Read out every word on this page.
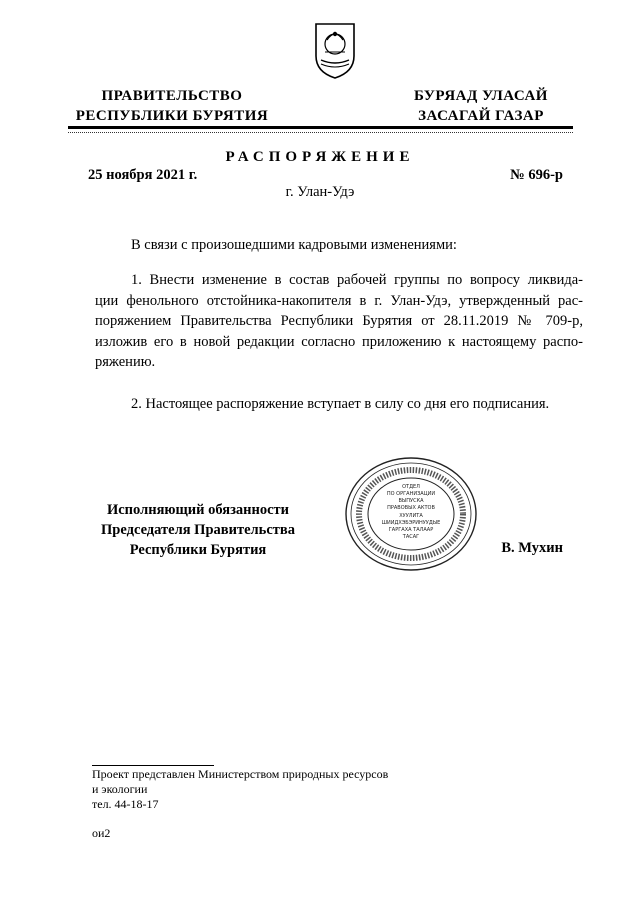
ПРАВИТЕЛЬСТВО
РЕСПУБЛИКИ БУРЯТИЯ
БУРЯАД УЛАСАЙ
ЗАСАГАЙ ГАЗАР
РАСПОРЯЖЕНИЕ
25 ноября 2021 г.	№ 696-р
г. Улан-Удэ
В связи с произошедшими кадровыми изменениями:
1. Внести изменение в состав рабочей группы по вопросу ликвида-
ции фенольного отстойника-накопителя в г. Улан-Удэ, утвержденный рас-
поряжением Правительства Республики Бурятия от 28.11.2019 № 709-р,
изложив его в новой редакции согласно приложению к настоящему распо-
ряжению.
2. Настоящее распоряжение вступает в силу со дня его подписания.
Исполняющий обязанности
Председателя Правительства
Республики Бурятия	В. Мухин
ОТДЕЛ
ПО ОРГАНИЗАЦИИ
ВЫПУСКА
ПРАВОВЫХ АКТОВ
ХУУЛИТА
ШИИДХЭБЭРИНУУДЫЕ
ГАРГАХА ТАЛААР
ТАСАГ
Проект представлен Министерством природных ресурсов
и экологии
тел. 44-18-17
ои2
